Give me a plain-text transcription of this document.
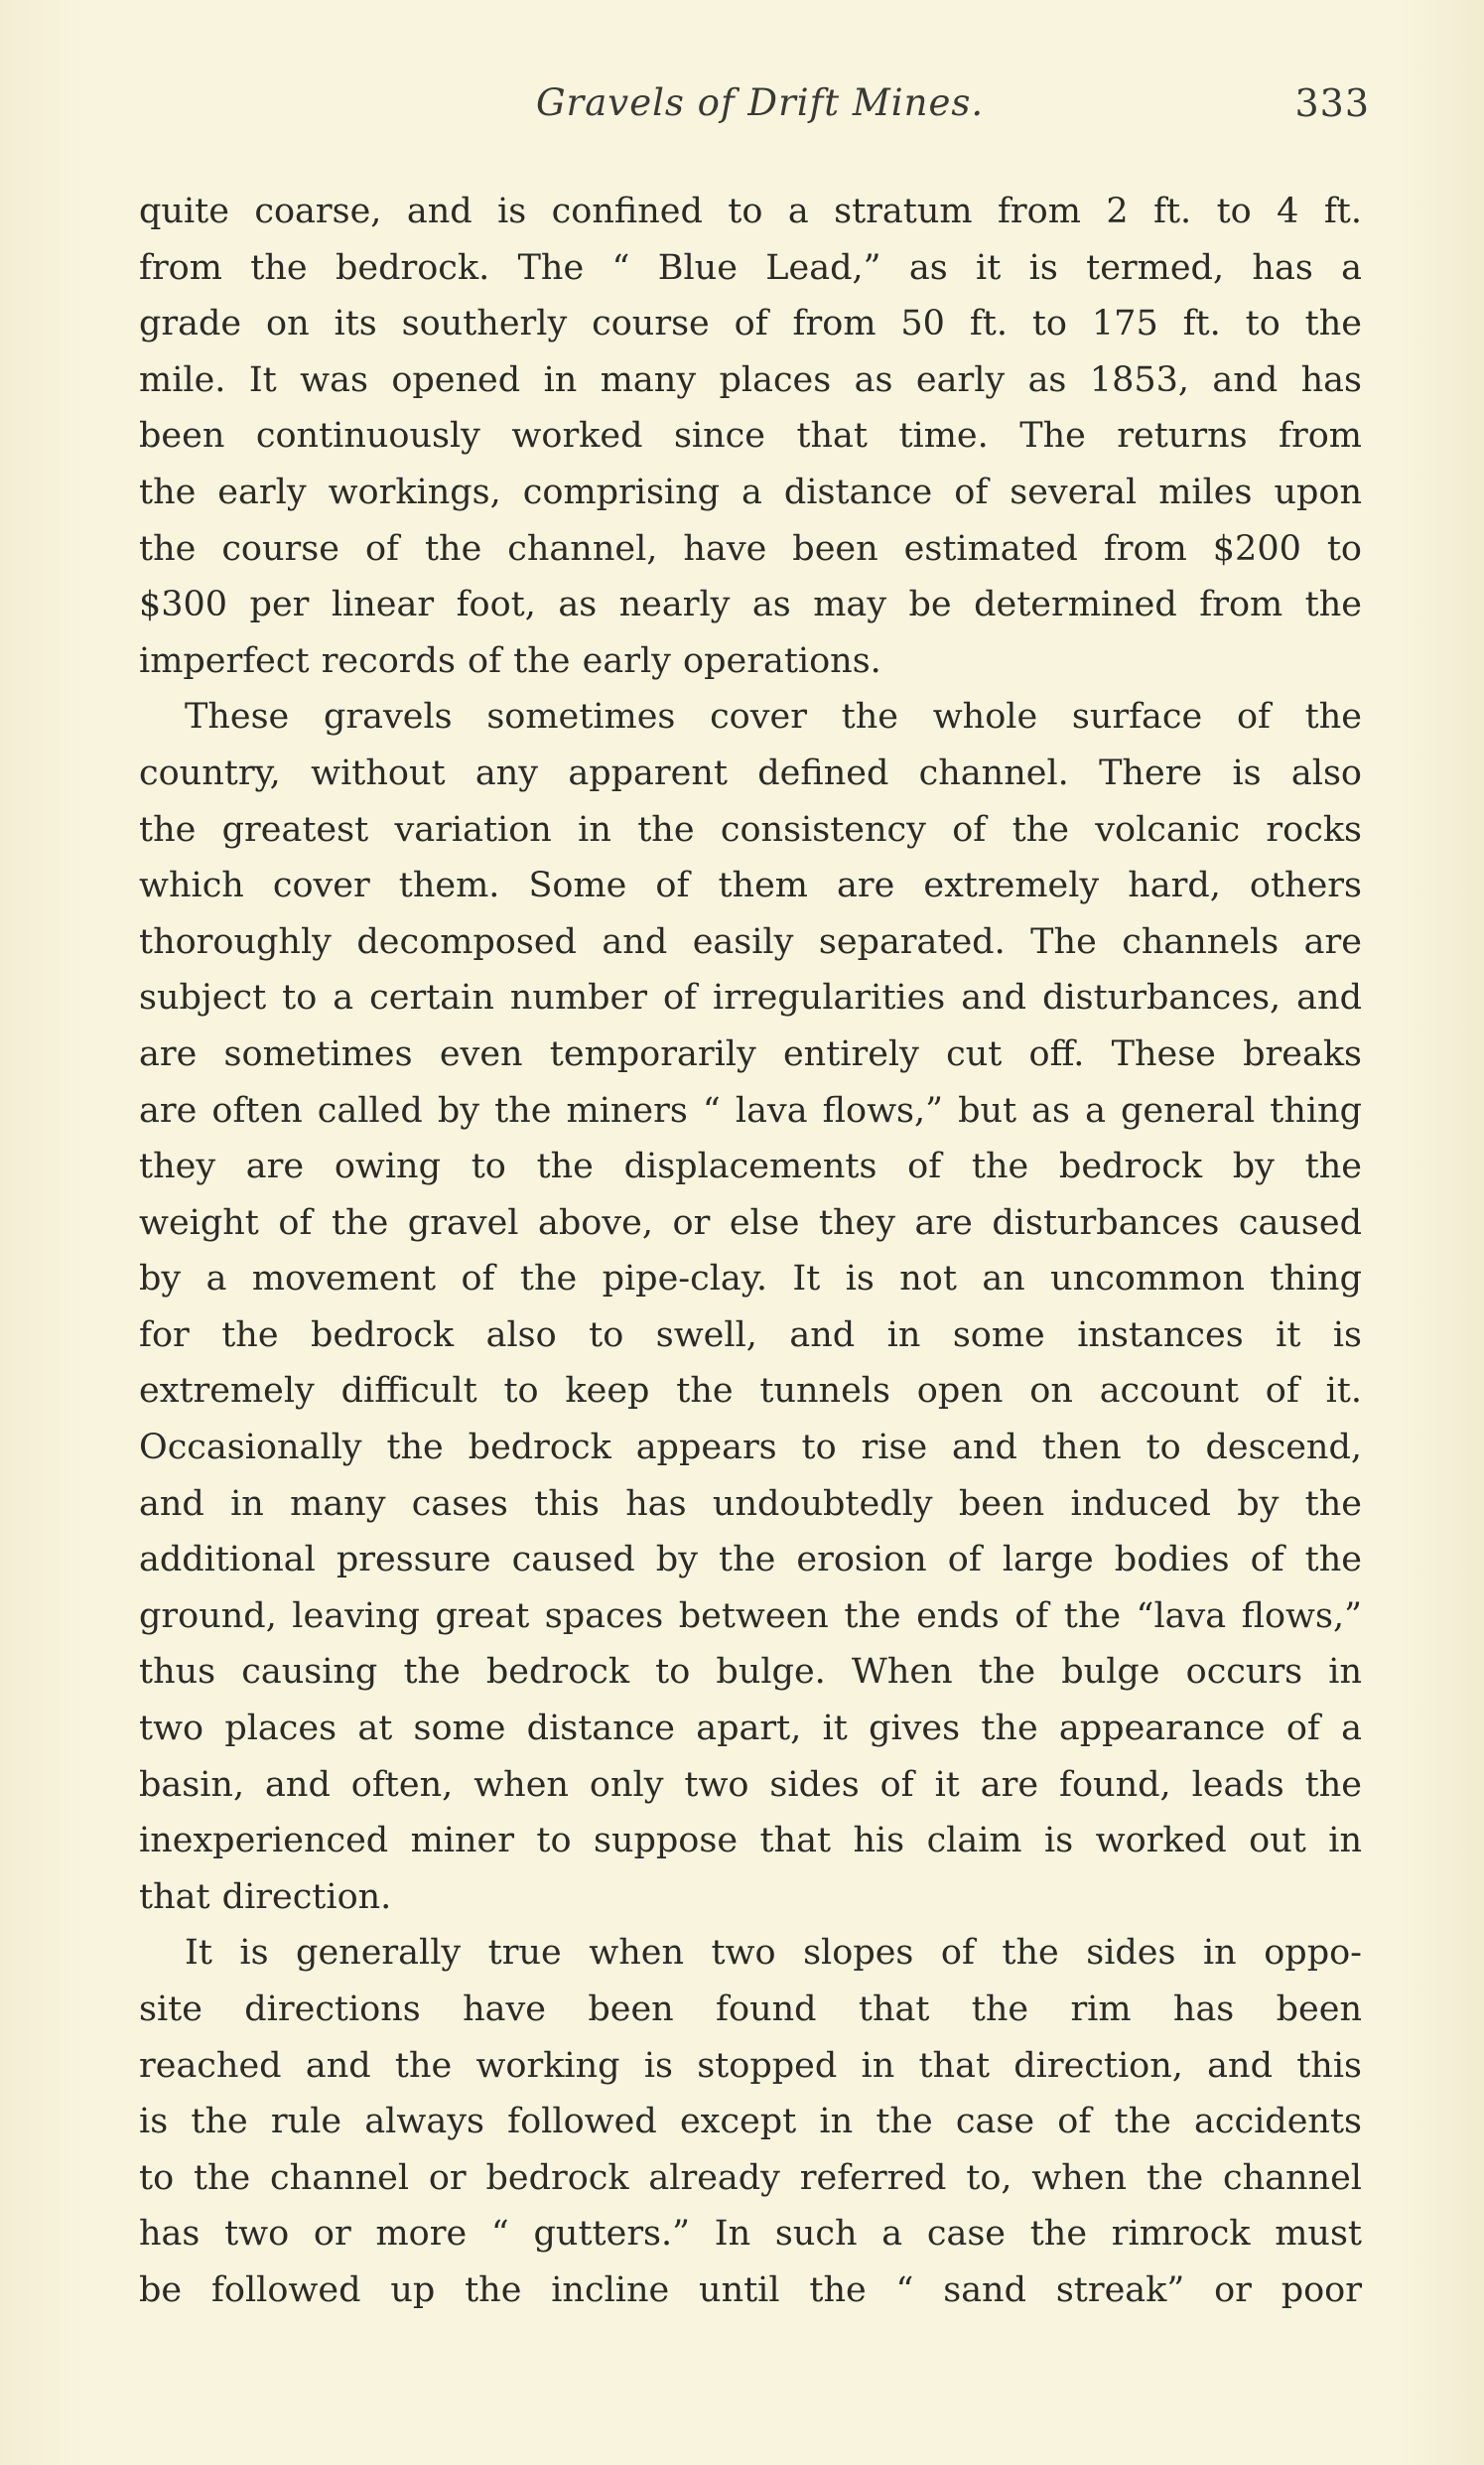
Gravels of Drift Mines.	333
quite coarse, and is confined to a stratum from 2 ft. to 4 ft.
from the bedrock. The “ Blue Lead,” as it is termed, has a
grade on its southerly course of from 50 ft. to 175 ft. to the
mile. It was opened in many places as early as 1853, and has
been continuously worked since that time. The returns from
the early workings, comprising a distance of several miles upon
the course of the channel, have been estimated from $200 to
$300 per linear foot, as nearly as may be determined from the
imperfect records of the early operations.
These gravels sometimes cover the whole surface of the
country, without any apparent defined channel. There is also
the greatest variation in the consistency of the volcanic rocks
which cover them. Some of them are extremely hard, others
thoroughly decomposed and easily separated. The channels are
subject to a certain number of irregularities and disturbances, and
are sometimes even temporarily entirely cut off. These breaks
are often called by the miners “ lava flows,” but as a general thing
they are owing to the displacements of the bedrock by the
weight of the gravel above, or else they are disturbances caused
by a movement of the pipe-clay. It is not an uncommon thing
for the bedrock also to swell, and in some instances it is
extremely difficult to keep the tunnels open on account of it.
Occasionally the bedrock appears to rise and then to descend,
and in many cases this has undoubtedly been induced by the
additional pressure caused by the erosion of large bodies of the
ground, leaving great spaces between the ends of the “lava flows,”
thus causing the bedrock to bulge. When the bulge occurs in
two places at some distance apart, it gives the appearance of a
basin, and often, when only two sides of it are found, leads the
inexperienced miner to suppose that his claim is worked out in
that direction.
It is generally true when two slopes of the sides in oppo-
site directions have been found that the rim has been
reached and the working is stopped in that direction, and this
is the rule always followed except in the case of the accidents
to the channel or bedrock already referred to, when the channel
has two or more “ gutters.” In such a case the rimrock must
be followed up the incline until the “ sand streak” or poor
